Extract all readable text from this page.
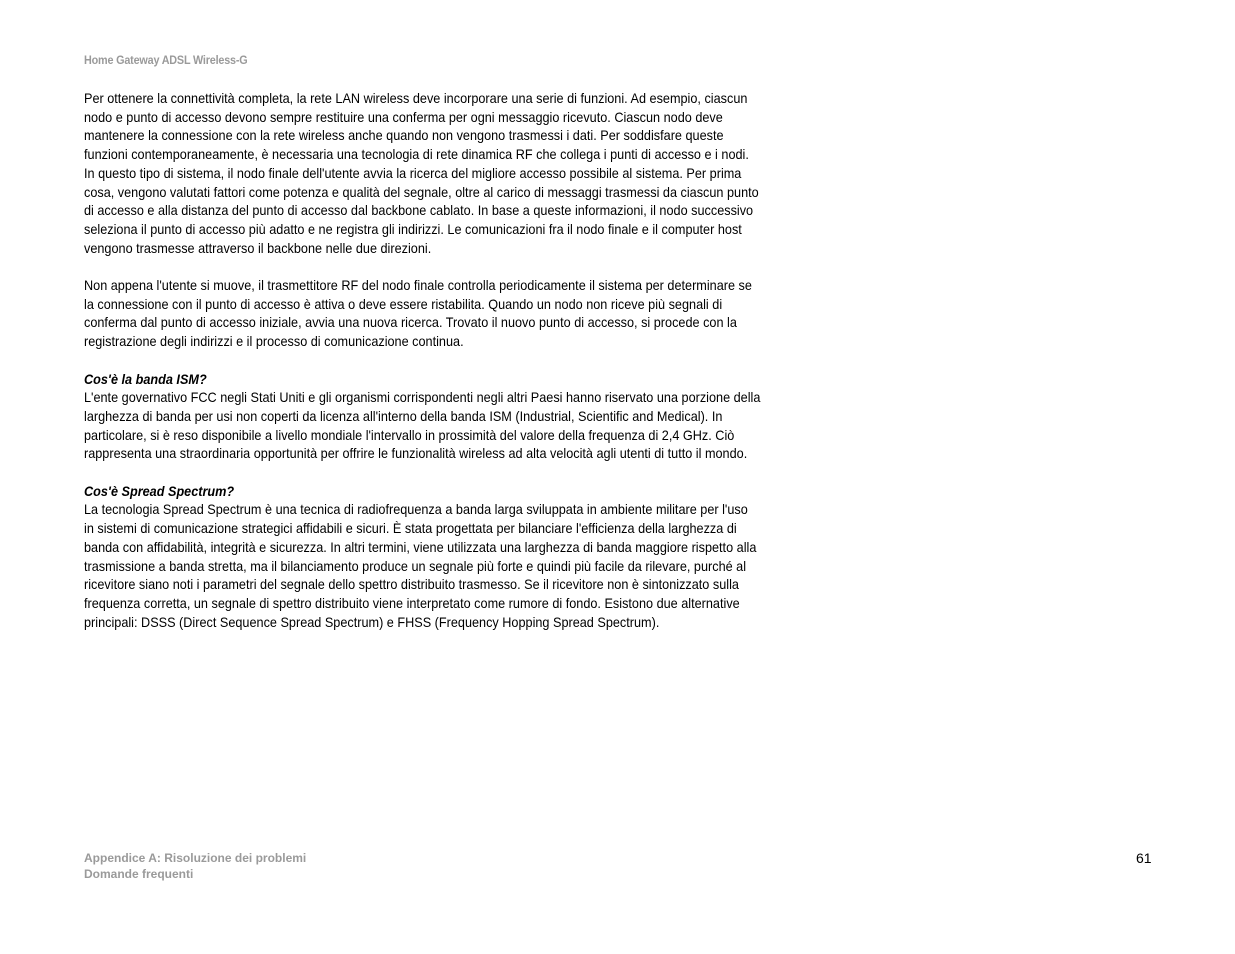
Home Gateway ADSL Wireless-G

Per ottenere la connettività completa, la rete LAN wireless deve incorporare una serie di funzioni. Ad esempio, ciascun nodo e punto di accesso devono sempre restituire una conferma per ogni messaggio ricevuto. Ciascun nodo deve mantenere la connessione con la rete wireless anche quando non vengono trasmessi i dati. Per soddisfare queste funzioni contemporaneamente, è necessaria una tecnologia di rete dinamica RF che collega i punti di accesso e i nodi. In questo tipo di sistema, il nodo finale dell'utente avvia la ricerca del migliore accesso possibile al sistema. Per prima cosa, vengono valutati fattori come potenza e qualità del segnale, oltre al carico di messaggi trasmessi da ciascun punto di accesso e alla distanza del punto di accesso dal backbone cablato. In base a queste informazioni, il nodo successivo seleziona il punto di accesso più adatto e ne registra gli indirizzi. Le comunicazioni fra il nodo finale e il computer host vengono trasmesse attraverso il backbone nelle due direzioni.

Non appena l'utente si muove, il trasmettitore RF del nodo finale controlla periodicamente il sistema per determinare se la connessione con il punto di accesso è attiva o deve essere ristabilita. Quando un nodo non riceve più segnali di conferma dal punto di accesso iniziale, avvia una nuova ricerca. Trovato il nuovo punto di accesso, si procede con la registrazione degli indirizzi e il processo di comunicazione continua.

Cos'è la banda ISM?

L'ente governativo FCC negli Stati Uniti e gli organismi corrispondenti negli altri Paesi hanno riservato una porzione della larghezza di banda per usi non coperti da licenza all'interno della banda ISM (Industrial, Scientific and Medical). In particolare, si è reso disponibile a livello mondiale l'intervallo in prossimità del valore della frequenza di 2,4 GHz. Ciò rappresenta una straordinaria opportunità per offrire le funzionalità wireless ad alta velocità agli utenti di tutto il mondo.

Cos'è Spread Spectrum?

La tecnologia Spread Spectrum è una tecnica di radiofrequenza a banda larga sviluppata in ambiente militare per l'uso in sistemi di comunicazione strategici affidabili e sicuri. È stata progettata per bilanciare l'efficienza della larghezza di banda con affidabilità, integrità e sicurezza. In altri termini, viene utilizzata una larghezza di banda maggiore rispetto alla trasmissione a banda stretta, ma il bilanciamento produce un segnale più forte e quindi più facile da rilevare, purché al ricevitore siano noti i parametri del segnale dello spettro distribuito trasmesso. Se il ricevitore non è sintonizzato sulla frequenza corretta, un segnale di spettro distribuito viene interpretato come rumore di fondo. Esistono due alternative principali: DSSS (Direct Sequence Spread Spectrum) e FHSS (Frequency Hopping Spread Spectrum).

Appendice A: Risoluzione dei problemi
Domande frequenti
61
